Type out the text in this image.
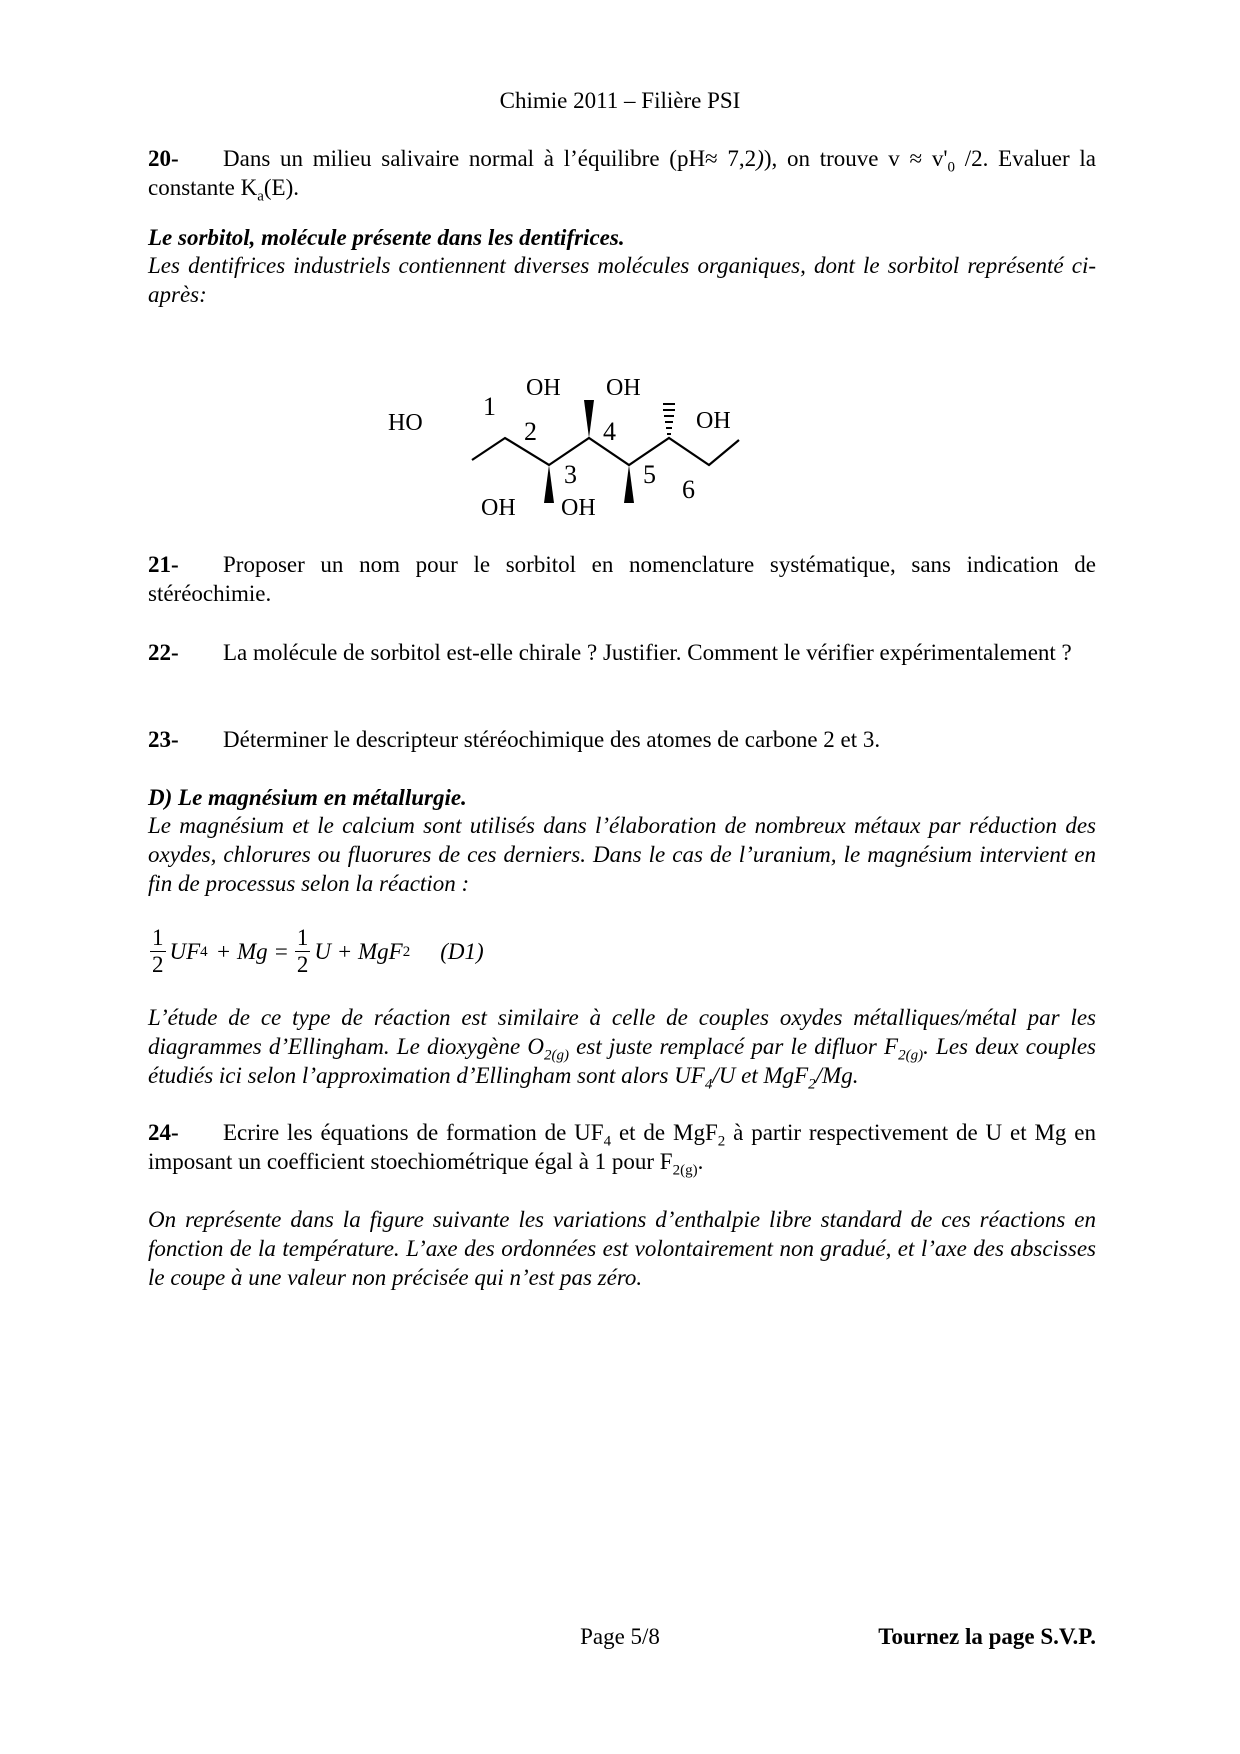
Chimie 2011 – Filière PSI
20- Dans un milieu salivaire normal à l’équilibre (pH≈ 7,2)), on trouve $v \approx v'_0$ /2. Evaluer la constante $K_a(E)$.
Le sorbitol, molécule présente dans les dentifrices.
Les dentifrices industriels contiennent diverses molécules organiques, dont le sorbitol représenté ci-après:
HO
OH
OH
OH
OH
OH
1
2
3
4
5
6
21- Proposer un nom pour le sorbitol en nomenclature systématique, sans indication de stéréochimie.
22- La molécule de sorbitol est-elle chirale ? Justifier. Comment le vérifier expérimentalement ?
23- Déterminer le descripteur stéréochimique des atomes de carbone 2 et 3.
D) Le magnésium en métallurgie.
Le magnésium et le calcium sont utilisés dans l’élaboration de nombreux métaux par réduction des oxydes, chlorures ou fluorures de ces derniers. Dans le cas de l’uranium, le magnésium intervient en fin de processus selon la réaction :
1
2
UF $4 + Mg = \frac{1}{2}$ U + MgF 2 (D1)
L’étude de ce type de réaction est similaire à celle de couples oxydes métalliques/métal par les diagrammes d’Ellingham. Le dioxygène $O_{2(g)}$ est juste remplacé par le difluor $F_{2(g)}$. Les deux couples étudiés ici selon l’approximation d’Ellingham sont alors $UF_4/U$ et MgF$_2$/Mg.
24- Ecrire les équations de formation de $UF_4$ et de MgF$_2$ à partir respectivement de U et Mg en imposant un coefficient stoechiométrique égal à 1 pour $F_{2(g)}$.
On représente dans la figure suivante les variations d’enthalpie libre standard de ces réactions en fonction de la température. L’axe des ordonnées est volontairement non gradué, et l’axe des abscisses le coupe à une valeur non précisée qui n’est pas zéro.
Page 5/8	Tournez la page S.V.P.
